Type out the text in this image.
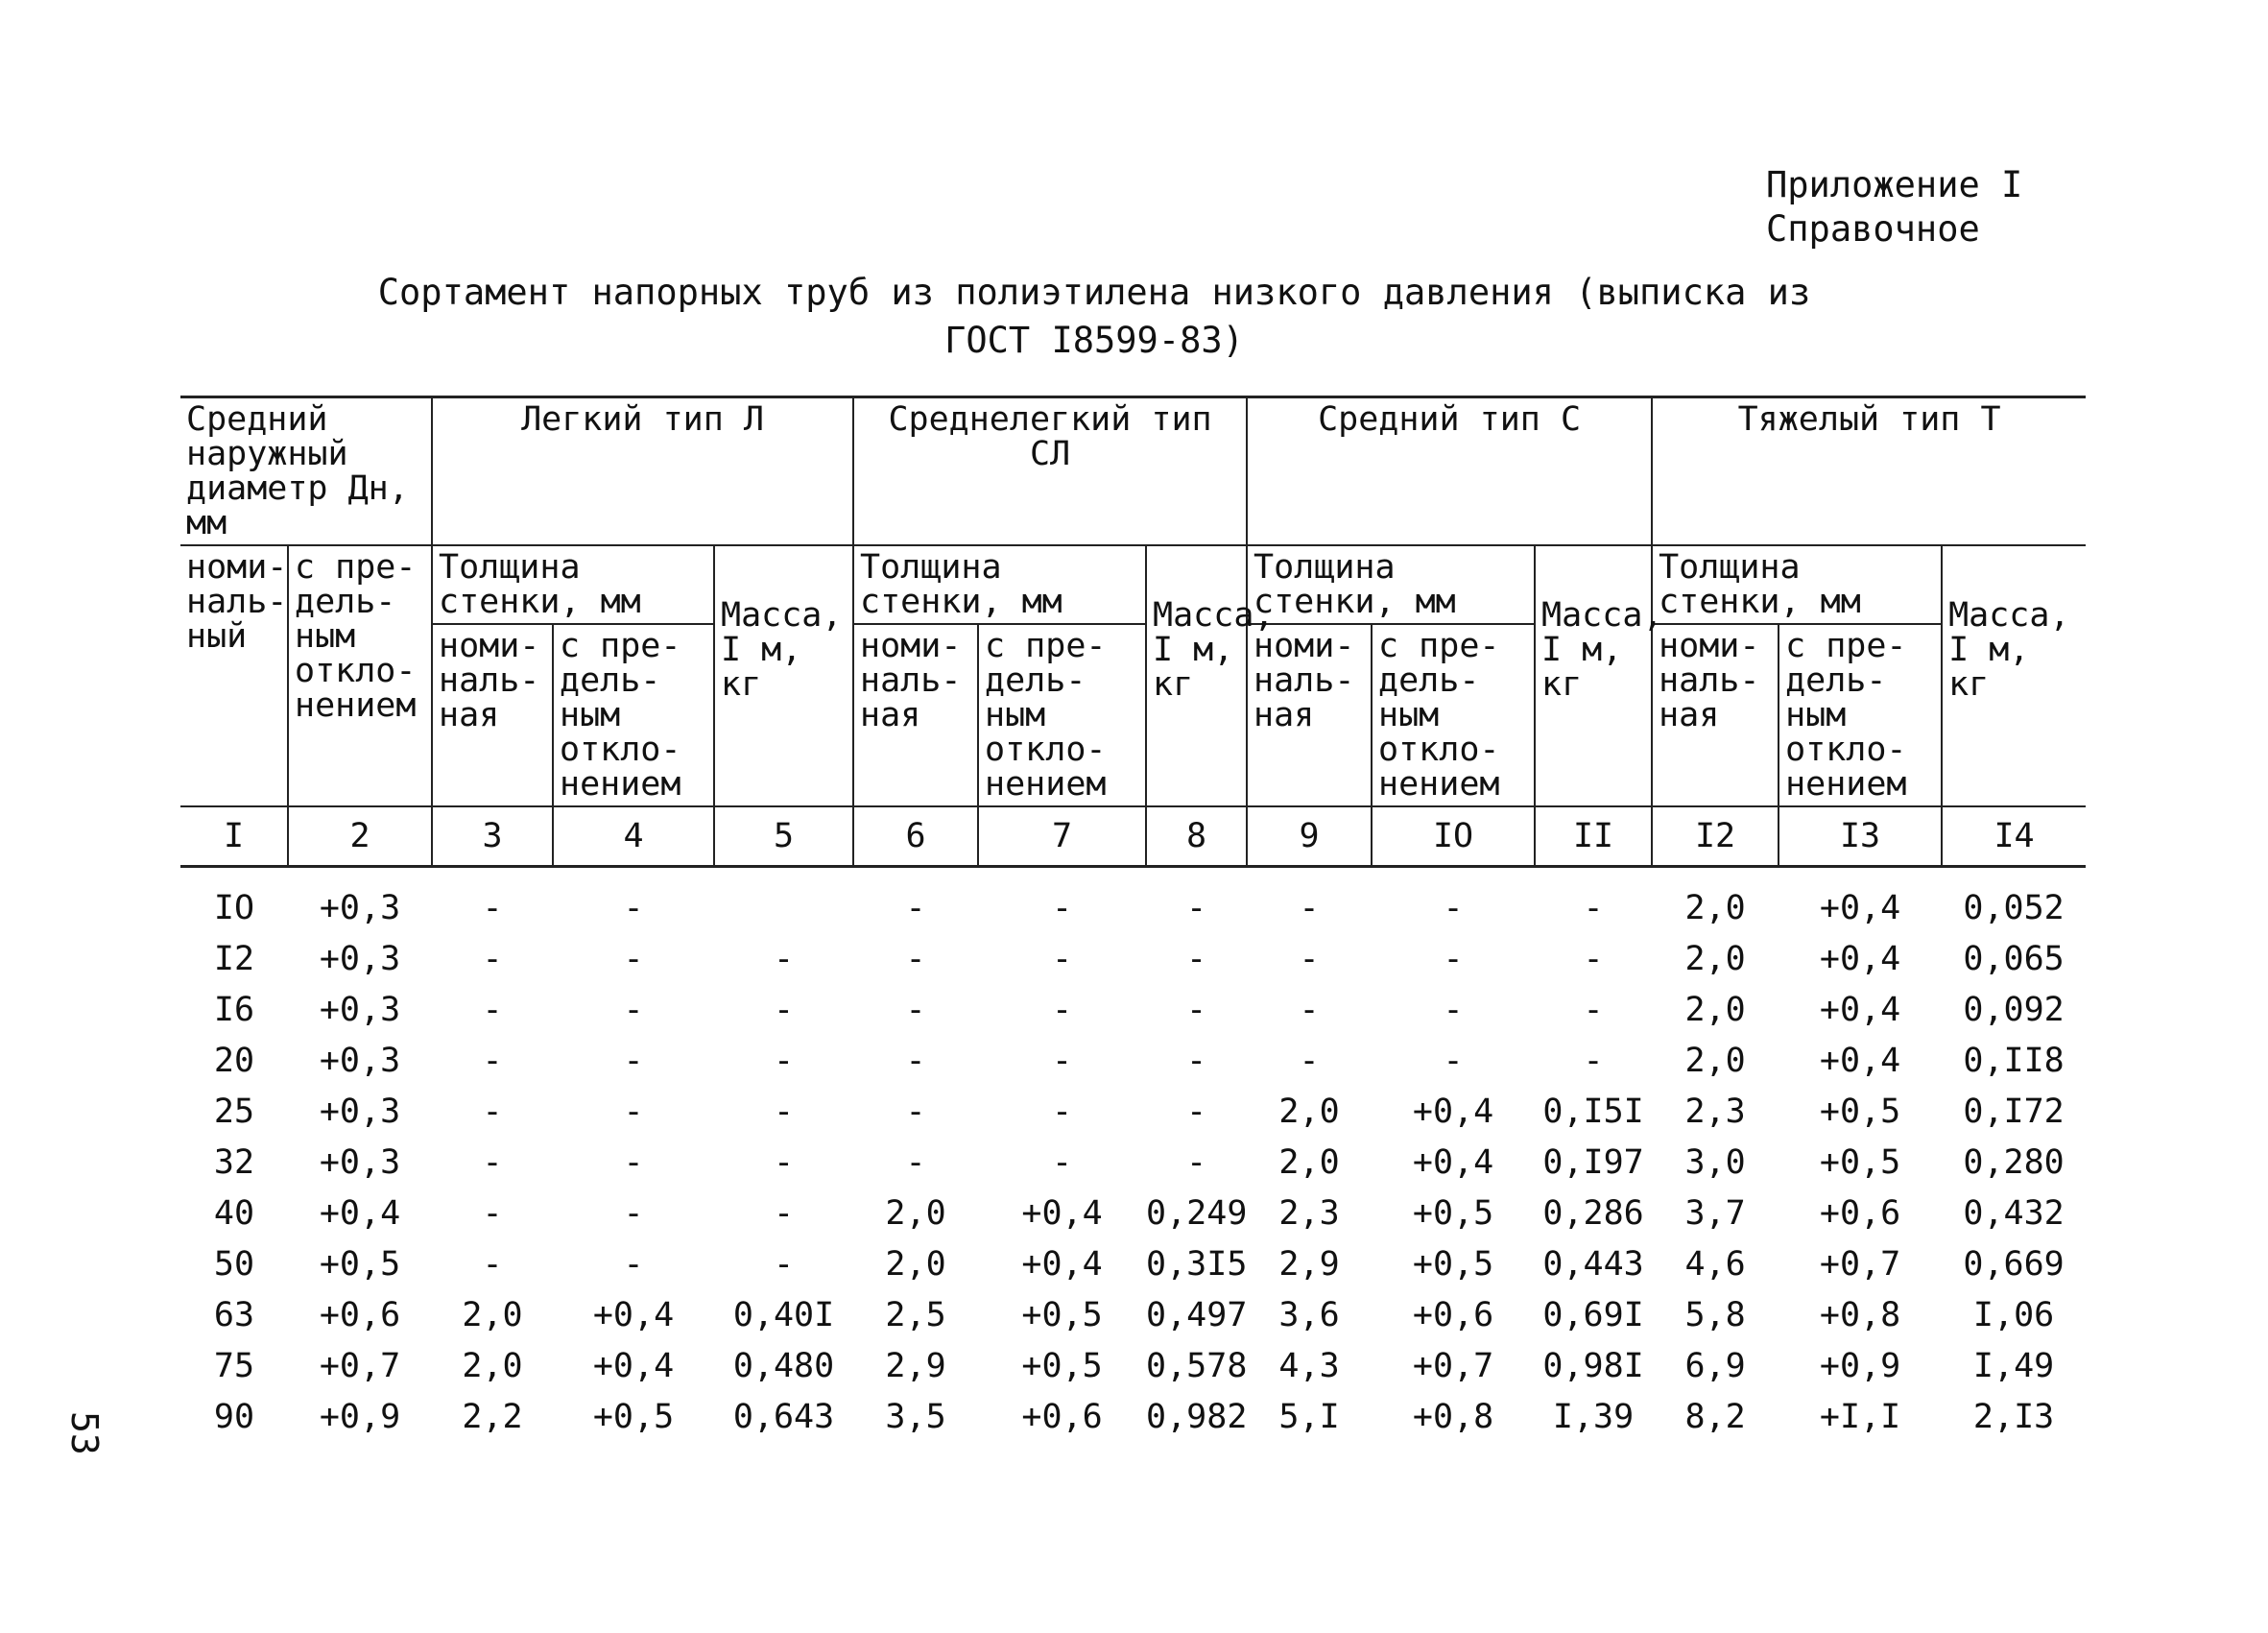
Приложение I
Справочное
Сортамент напорных труб из полиэтилена низкого давления (выписка из
ГОСТ I8599-83)
Средний наружный диаметр Дн, мм		Легкий тип Л			Среднелегкий тип СЛ			Средний тип С			Тяжелый тип Т		
номи-наль-ный	с пре-дель-ным откло-нением	Толщина стенки, мм		Масса, I м, кг	Толщина стенки, мм		Масса, I м, кг	Толщина стенки, мм		Масса, I м, кг	Толщина стенки, мм		Масса, I м, кг
		номи-наль-ная	с пре-дель-ным откло-нением		номи-наль-ная	с пре-дель-ным откло-нением		номи-наль-ная	с пре-дель-ным откло-нением		номи-наль-ная	с пре-дель-ным откло-нением	
I	2	3	4	5	6	7	8	9	IO	II	I2	I3	I4
IO	+0,3	-	-		-	-	-	-	-	-	2,0	+0,4	0,052
I2	+0,3	-	-	-	-	-	-	-	-	-	2,0	+0,4	0,065
I6	+0,3	-	-	-	-	-	-	-	-	-	2,0	+0,4	0,092
20	+0,3	-	-	-	-	-	-	-	-	-	2,0	+0,4	0,II8
25	+0,3	-	-	-	-	-	-	2,0	+0,4	0,I5I	2,3	+0,5	0,I72
32	+0,3	-	-	-	-	-	-	2,0	+0,4	0,I97	3,0	+0,5	0,280
40	+0,4	-	-	-	2,0	+0,4	0,249	2,3	+0,5	0,286	3,7	+0,6	0,432
50	+0,5	-	-	-	2,0	+0,4	0,3I5	2,9	+0,5	0,443	4,6	+0,7	0,669
63	+0,6	2,0	+0,4	0,40I	2,5	+0,5	0,497	3,6	+0,6	0,69I	5,8	+0,8	I,06
75	+0,7	2,0	+0,4	0,480	2,9	+0,5	0,578	4,3	+0,7	0,98I	6,9	+0,9	I,49
90	+0,9	2,2	+0,5	0,643	3,5	+0,6	0,982	5,I	+0,8	I,39	8,2	+I,I	2,I3
53
